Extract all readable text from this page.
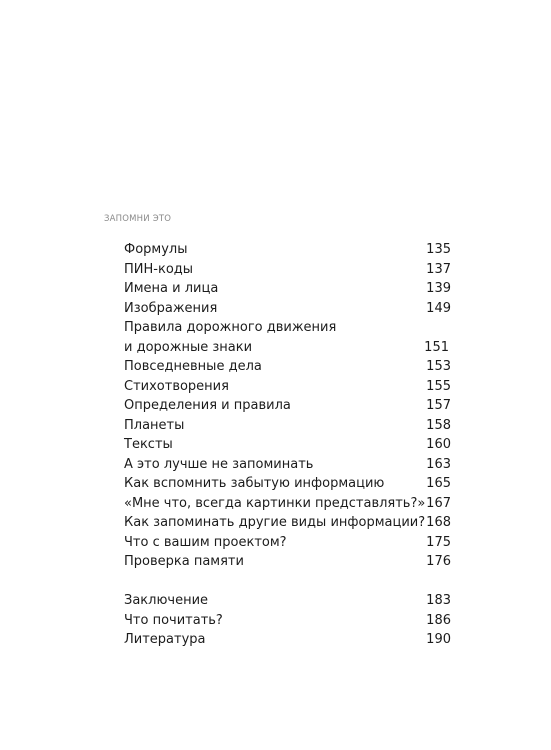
ЗАПОМНИ ЭТО
Формулы	135
ПИН-коды	137
Имена и лица	139
Изображения	149
Правила дорожного движения
и дорожные знаки	151
Повседневные дела	153
Стихотворения	155
Определения и правила	157
Планеты	158
Тексты	160
А это лучше не запоминать	163
Как вспомнить забытую информацию	165
«Мне что, всегда картинки представлять?» 167
Как запоминать другие виды информации? 168
Что с вашим проектом?	175
Проверка памяти	176
Заключение	183
Что почитать?	186
Литература	190
